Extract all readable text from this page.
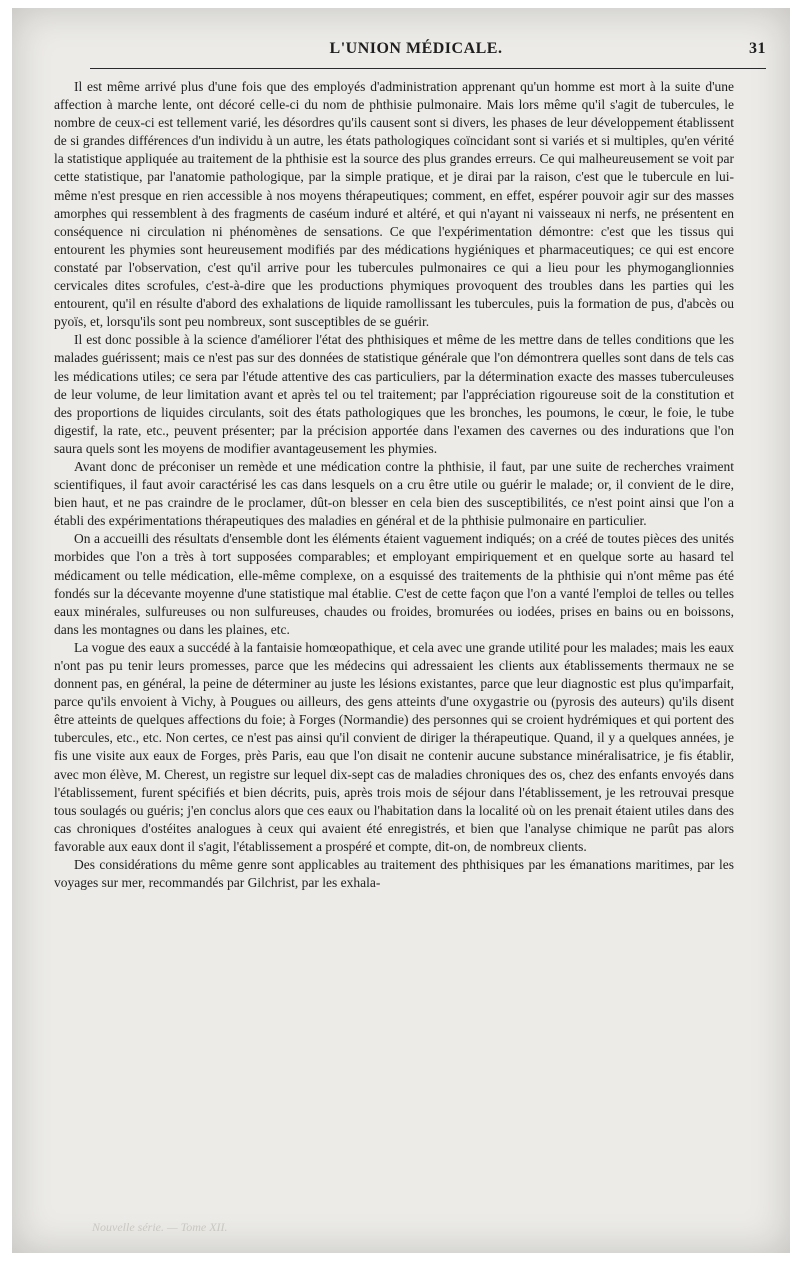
L'UNION MÉDICALE.	31

Il est même arrivé plus d'une fois que des employés d'administration apprenant qu'un homme est mort à la suite d'une affection à marche lente, ont décoré celle-ci du nom de phthisie pulmonaire. Mais lors même qu'il s'agit de tubercules, le nombre de ceux-ci est tellement varié, les désordres qu'ils causent sont si divers, les phases de leur développement établissent de si grandes différences d'un individu à un autre, les états pathologiques coïncidant sont si variés et si multiples, qu'en vérité la statistique appliquée au traitement de la phthisie est la source des plus grandes erreurs. Ce qui malheureusement se voit par cette statistique, par l'anatomie pathologique, par la simple pratique, et je dirai par la raison, c'est que le tubercule en lui-même n'est presque en rien accessible à nos moyens thérapeutiques; comment, en effet, espérer pouvoir agir sur des masses amorphes qui ressemblent à des fragments de caséum induré et altéré, et qui n'ayant ni vaisseaux ni nerfs, ne présentent en conséquence ni circulation ni phénomènes de sensations. Ce que l'expérimentation démontre: c'est que les tissus qui entourent les phymies sont heureusement modifiés par des médications hygiéniques et pharmaceutiques; ce qui est encore constaté par l'observation, c'est qu'il arrive pour les tubercules pulmonaires ce qui a lieu pour les phymoganglionnies cervicales dites scrofules, c'est-à-dire que les productions phymiques provoquent des troubles dans les parties qui les entourent, qu'il en résulte d'abord des exhalations de liquide ramollissant les tubercules, puis la formation de pus, d'abcès ou pyoïs, et, lorsqu'ils sont peu nombreux, sont susceptibles de se guérir.

Il est donc possible à la science d'améliorer l'état des phthisiques et même de les mettre dans de telles conditions que les malades guérissent; mais ce n'est pas sur des données de statistique générale que l'on démontrera quelles sont dans de tels cas les médications utiles; ce sera par l'étude attentive des cas particuliers, par la détermination exacte des masses tuberculeuses de leur volume, de leur limitation avant et après tel ou tel traitement; par l'appréciation rigoureuse soit de la constitution et des proportions de liquides circulants, soit des états pathologiques que les bronches, les poumons, le cœur, le foie, le tube digestif, la rate, etc., peuvent présenter; par la précision apportée dans l'examen des cavernes ou des indurations que l'on saura quels sont les moyens de modifier avantageusement les phymies.

Avant donc de préconiser un remède et une médication contre la phthisie, il faut, par une suite de recherches vraiment scientifiques, il faut avoir caractérisé les cas dans lesquels on a cru être utile ou guérir le malade; or, il convient de le dire, bien haut, et ne pas craindre de le proclamer, dût-on blesser en cela bien des susceptibilités, ce n'est point ainsi que l'on a établi des expérimentations thérapeutiques des maladies en général et de la phthisie pulmonaire en particulier.

On a accueilli des résultats d'ensemble dont les éléments étaient vaguement indiqués; on a créé de toutes pièces des unités morbides que l'on a très à tort supposées comparables; et employant empiriquement et en quelque sorte au hasard tel médicament ou telle médication, elle-même complexe, on a esquissé des traitements de la phthisie qui n'ont même pas été fondés sur la décevante moyenne d'une statistique mal établie. C'est de cette façon que l'on a vanté l'emploi de telles ou telles eaux minérales, sulfureuses ou non sulfureuses, chaudes ou froides, bromurées ou iodées, prises en bains ou en boissons, dans les montagnes ou dans les plaines, etc.

La vogue des eaux a succédé à la fantaisie homœopathique, et cela avec une grande utilité pour les malades; mais les eaux n'ont pas pu tenir leurs promesses, parce que les médecins qui adressaient les clients aux établissements thermaux ne se donnent pas, en général, la peine de déterminer au juste les lésions existantes, parce que leur diagnostic est plus qu'imparfait, parce qu'ils envoient à Vichy, à Pougues ou ailleurs, des gens atteints d'une oxygastrie ou (pyrosis des auteurs) qu'ils disent être atteints de quelques affections du foie; à Forges (Normandie) des personnes qui se croient hydrémiques et qui portent des tubercules, etc., etc. Non certes, ce n'est pas ainsi qu'il convient de diriger la thérapeutique. Quand, il y a quelques années, je fis une visite aux eaux de Forges, près Paris, eau que l'on disait ne contenir aucune substance minéralisatrice, je fis établir, avec mon élève, M. Cherest, un registre sur lequel dix-sept cas de maladies chroniques des os, chez des enfants envoyés dans l'établissement, furent spécifiés et bien décrits, puis, après trois mois de séjour dans l'établissement, je les retrouvai presque tous soulagés ou guéris; j'en conclus alors que ces eaux ou l'habitation dans la localité où on les prenait étaient utiles dans des cas chroniques d'ostéites analogues à ceux qui avaient été enregistrés, et bien que l'analyse chimique ne parût pas alors favorable aux eaux dont il s'agit, l'établissement a prospéré et compte, dit-on, de nombreux clients.

Des considérations du même genre sont applicables au traitement des phthisiques par les émanations maritimes, par les voyages sur mer, recommandés par Gilchrist, par les exhala-

Nouvelle série. — Tome XII.
